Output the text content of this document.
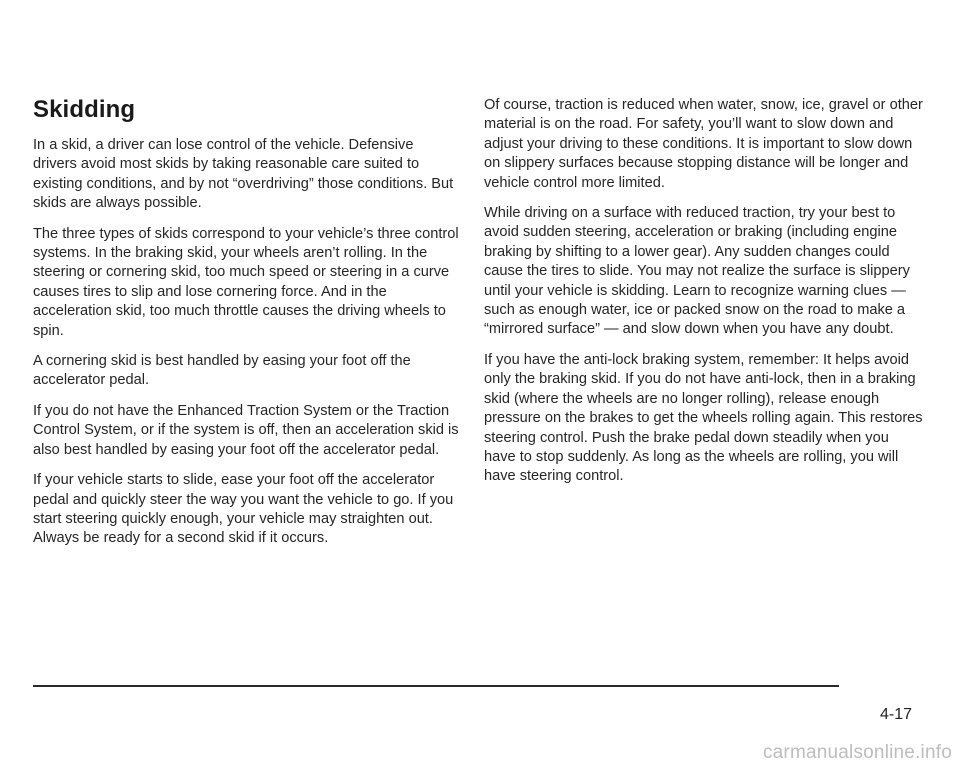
Skidding

In a skid, a driver can lose control of the vehicle. Defensive drivers avoid most skids by taking reasonable care suited to existing conditions, and by not “overdriving” those conditions. But skids are always possible.

The three types of skids correspond to your vehicle’s three control systems. In the braking skid, your wheels aren’t rolling. In the steering or cornering skid, too much speed or steering in a curve causes tires to slip and lose cornering force. And in the acceleration skid, too much throttle causes the driving wheels to spin.

A cornering skid is best handled by easing your foot off the accelerator pedal.

If you do not have the Enhanced Traction System or the Traction Control System, or if the system is off, then an acceleration skid is also best handled by easing your foot off the accelerator pedal.

If your vehicle starts to slide, ease your foot off the accelerator pedal and quickly steer the way you want the vehicle to go. If you start steering quickly enough, your vehicle may straighten out. Always be ready for a second skid if it occurs.

Of course, traction is reduced when water, snow, ice, gravel or other material is on the road. For safety, you’ll want to slow down and adjust your driving to these conditions. It is important to slow down on slippery surfaces because stopping distance will be longer and vehicle control more limited.

While driving on a surface with reduced traction, try your best to avoid sudden steering, acceleration or braking (including engine braking by shifting to a lower gear). Any sudden changes could cause the tires to slide. You may not realize the surface is slippery until your vehicle is skidding. Learn to recognize warning clues — such as enough water, ice or packed snow on the road to make a “mirrored surface” — and slow down when you have any doubt.

If you have the anti-lock braking system, remember: It helps avoid only the braking skid. If you do not have anti-lock, then in a braking skid (where the wheels are no longer rolling), release enough pressure on the brakes to get the wheels rolling again. This restores steering control. Push the brake pedal down steadily when you have to stop suddenly. As long as the wheels are rolling, you will have steering control.

4-17
carmanualsonline.info
